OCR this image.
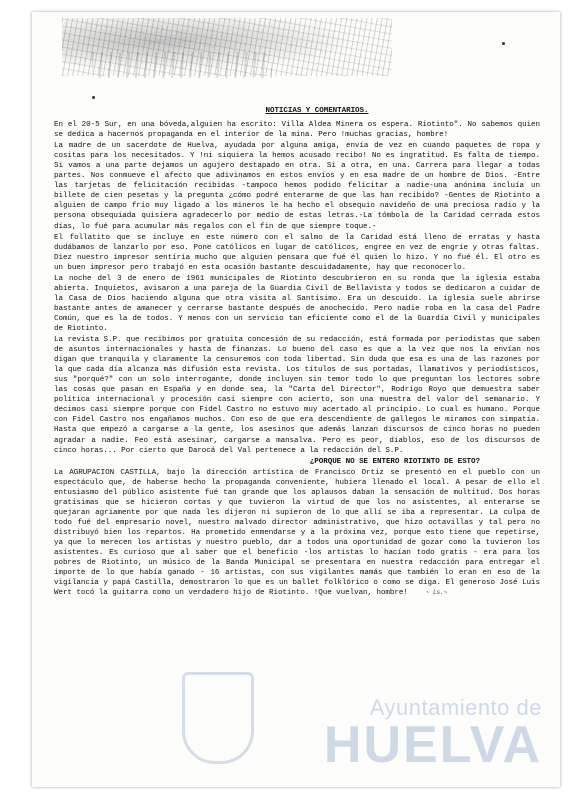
NOTICIAS Y COMENTARIOS.
En el 20-5 Sur, en una bóveda,alguien ha escrito: Villa Aldea Minera os espera. Riotinto". No sabemos quien se dedica a hacernos propaganda en el interior de la mina. Pero !muchas gracias, hombre!
La madre de un sacerdote de Huelva, ayudada por alguna amiga, envía de vez en cuando paquetes de ropa y cositas para los necesitados. Y !ni siquiera la hemos acusado recibo! No es ingratitud. Es falta de tiempo. Si vamos a una parte dejamos un agujero destapado en otra. Si a otra, en una. Carrera para llegar a todas partes. Nos conmueve el afecto que adivinamos en estos envíos y en esa madre de un hombre de Dios. -Entre las tarjetas de felicitación recibidas -tampoco hemos podido felicitar a nadie-una anónima incluía un billete de cien pesetas y la pregunta ¿cómo podré enterarme de que las han recibido? -Gentes de Riotinto a alguien de campo frío muy ligado a los mineros le ha hecho el obsequio navideño de una preciosa radio y la persona obsequiada quisiera agradecerlo por medio de estas letras.-La tómbola de la Caridad cerrada estos días, lo fué para acumular más regalos con el fin de que siempre toque.-
El follatito que se incluye en este número con el salmo de la Caridad está lleno de erratas y hasta dudábamos de lanzarlo por eso. Pone católicos en lugar de católicos, engree en vez de engríe y otras faltas. Diez nuestro impresor sentiría mucho que alguien pensara que fué él quien lo hizo. Y no fué él. El otro es un buen impresor pero trabajó en esta ocasión bastante descuidadamente, hay que reconocerlo.
La noche del 3 de enero de 1961 municipales de Riotinto descubrieron en su ronda que la iglesia estaba abierta. Inquietos, avisaron a una pareja de la Guardia Civil de Bellavista y todos se dedicaron a cuidar de la Casa de Dios haciendo alguna que otra visita al Santísimo. Era un descuido. La iglesia suele abrirse bastante antes de amanecer y cerrarse bastante después de anochecido. Pero nadie roba en la casa del Padre Común, que es la de todos. Y menos con un servicio tan eficiente como el de la Guardia Civil y municipales de Riotinto.
La revista S.P. que recibimos por gratuita concesión de su redacción, está formada por periodistas que saben de asuntos internacionales y hasta de finanzas. Lo bueno del caso es que a la vez que nos la envían nos digan que tranquila y claramente la censuremos con toda libertad. Sin duda que esa es una de las razones por la que cada día alcanza más difusión esta revista. Los títulos de sus portadas, llamativos y periodísticos, sus "porqué?" con un solo interrogante, donde incluyen sin temor todo lo que preguntan los lectores sobre las cosas que pasan en España y en donde sea, la "Carta del Director", Rodrigo Royo que demuestra saber política internacional y procesión casi siempre con acierto, son una muestra del valor del semanario. Y decimos casi siempre porque con Fidel Castro no estuvo muy acertado al principio. Lo cual es humano. Porque con Fidel Castro nos engañamos muchos. Con eso de que era descendiente de gallegos le miramos con simpatía. Hasta que empezó a cargarse a la gente, los asesinos que además lanzan discursos de cinco horas no pueden agradar a nadie. Feo está asesinar, cargarse a mansalva. Pero es peor, diablos, eso de los discursos de cinco horas... Por cierto que Darocá del Val pertenece a la redacción del S.P.
¿PORQUE NO SE ENTERO RIOTINTO DE ESTO?
La AGRUPACION CASTILLA, bajo la dirección artística de Francisco Ortiz se presentó en el pueblo con un espectáculo que, de haberse hecho la propaganda conveniente, hubiera llenado el local. A pesar de ello el entusiasmo del público asistente fué tan grande que los aplausos daban la sensación de multitud. Dos horas gratísimas que se hicieron cortas y que tuvieron la virtud de que los no asistentes, al enterarse se quejaran agriamente por que nada les dijeron ni supieron de lo que allí se iba a representar. La culpa de todo fué del empresario novel, nuestro malvado director administrativo, que hizo octavillas y tal pero no distribuyó bien los repartos. Ha prometido enmendarse y a la próxima vez, porque esto tiene que repetirse, ya que lo merecen los artistas y nuestro pueblo, dar a todos una oportunidad de gozar como la tuvieron los asistentes. Es curioso que al saber que el beneficio -los artistas lo hacían todo gratis - era para los pobres de Riotinto, un músico de la Banda Municipal se presentara en nuestra redacción para entregar el importe de lo que había ganado - 16 artistas, con sus vigilantes mamás que también lo eran en eso de la vigilancia y papá Castilla, demostraron lo que es un ballet folklórico o como se diga. El generoso José Luis Wert tocó la guitarra como un verdadero hijo de Riotinto. !Que vuelvan, hombre!	~ Ls.~
Ayuntamiento de
HUELVA
